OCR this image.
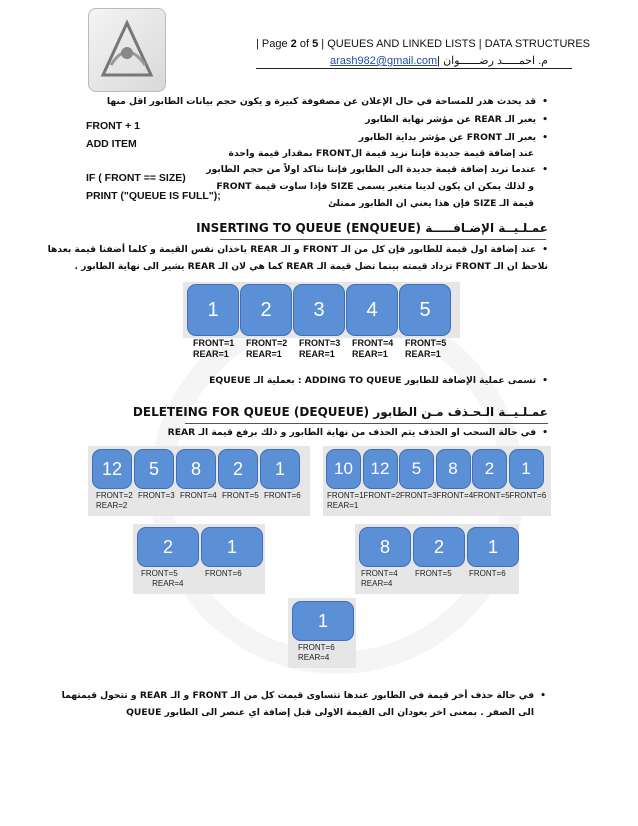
| Page 2 of 5 | QUEUES AND LINKED LISTS | DATA STRUCTURES
arash982@gmail.comم. احمـــــد رضــــــوان |
• قد يحدث هدر للمساحة في حال الإعلان عن مصفوفة كبيرة و يكون حجم بيانات الطابور اقل منها
• يعبر الـ REAR عن مؤشر نهاية الطابور
• يعبر الـ FRONT عن مؤشر بداية الطابور
عند إضافة قيمة جديدة فإننا نزيد قيمة الFRONT بمقدار قيمة واحدة
• عندما نريد إضافة قيمة جديدة الى الطابور فإننا نتاكد اولاً من حجم الطابور
و لذلك يمكن ان يكون لدينا متغير يسمى SIZE فإذا ساوت قيمة FRONT
قيمة الـ SIZE فإن هذا يعني ان الطابور ممتلئ
FRONT + 1
ADD ITEM
IF ( FRONT == SIZE)
PRINT ("QUEUE IS FULL");
عمـلـيــة الإضـافـــــة (ENQUEUE) INSERTING TO QUEUE
• عند إضافة اول قيمة للطابور فإن كل من الـ FRONT و الـ REAR ياخذان نفس القيمة و كلما أضفنا قيمة بعدها
نلاحظ ان الـ FRONT تزداد قيمته بينما تضل قيمة الـ REAR كما هي لان الـ REAR يشير الى نهاية الطابور .
1	2	3	4	5
FRONT=1
REAR=1
FRONT=2
REAR=1
FRONT=3
REAR=1
FRONT=4
REAR=1
FRONT=5
REAR=1
• تسمى عملية الإضافة للطابور ADDING TO QUEUE : بعملية الـ EQUEUE
عمـلـيــة الـحـذف مـن الطابور (DEQUEUE) DELETEING FOR QUEUE
• في حالة السحب او الحذف يتم الحذف من نهاية الطابور و ذلك برفع قيمة الـ REAR
12	5	8	2	1
FRONT=2
REAR=2
FRONT=3 FRONT=4 FRONT=5 FRONT=6
10	12	5	8	2	1
FRONT=1
REAR=1
FRONT=2 FRONT=3 FRONT=4 FRONT=5 FRONT=6
2	1
FRONT=5
REAR=4
FRONT=6
8	2	1
FRONT=4
REAR=4
FRONT=5 FRONT=6
1
FRONT=6
REAR=4
• في حالة حذف أخر قيمة في الطابور عندها تتساوى قيمت كل من الـ FRONT و الـ REAR و تتحول قيمتهما
الى الصفر . بمعنى اخر يعودان الى القيمة الاولى قبل إضافة اي عنصر الى الطابور QUEUE
